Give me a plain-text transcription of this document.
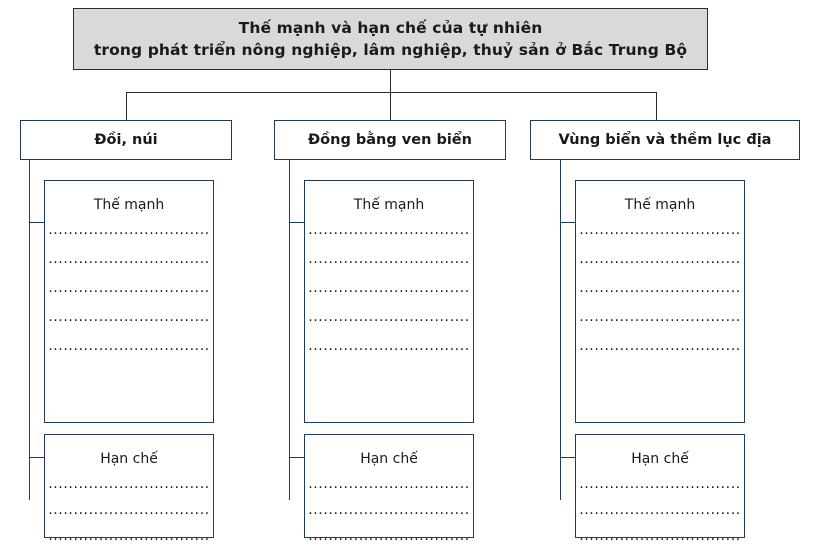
Thế mạnh và hạn chế của tự nhiên
trong phát triển nông nghiệp, lâm nghiệp, thuỷ sản ở Bắc Trung Bộ
Đồi, núi
Thế mạnh
................................
................................
................................
................................
................................
Hạn chế
................................
................................
................................
Đồng bằng ven biển
Thế mạnh
................................
................................
................................
................................
................................
Hạn chế
................................
................................
................................
Vùng biển và thềm lục địa
Thế mạnh
................................
................................
................................
................................
................................
Hạn chế
................................
................................
................................
